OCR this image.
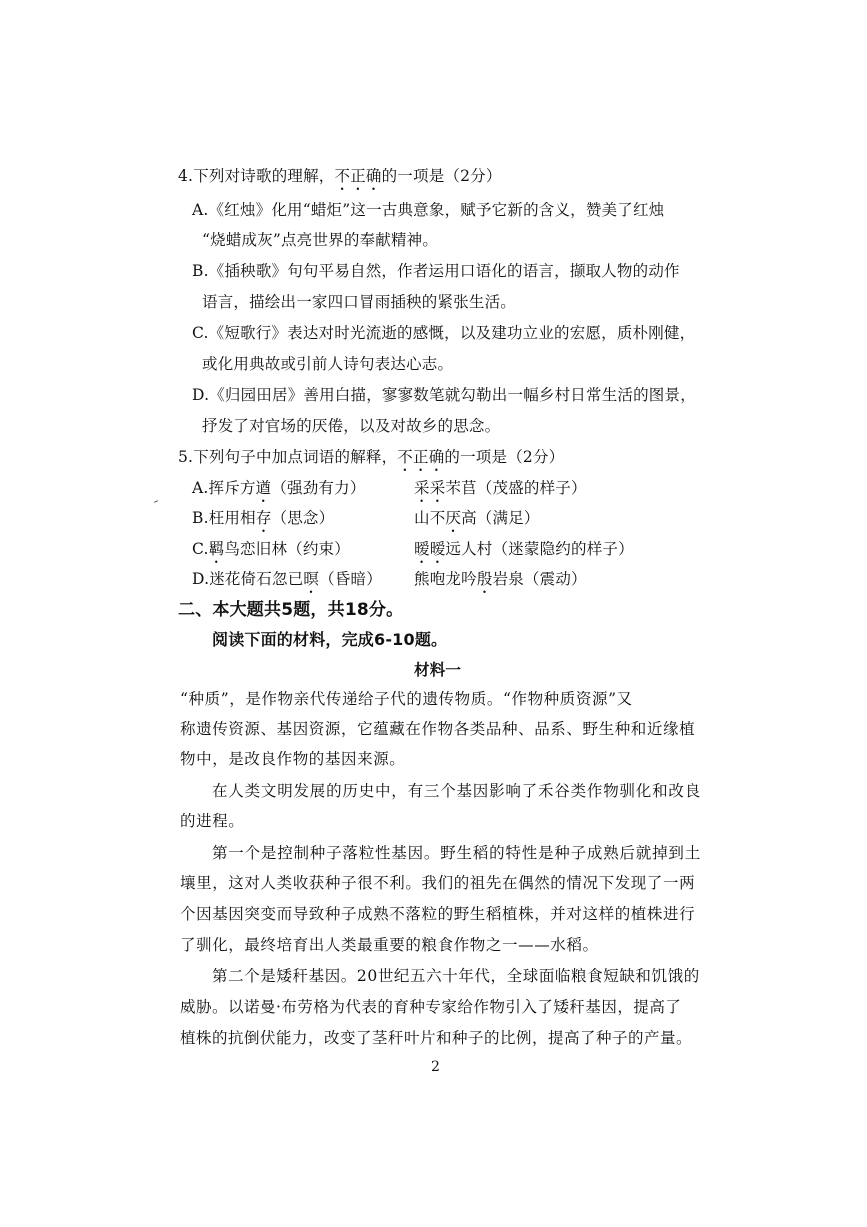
4.下列对诗歌的理解，不正确的一项是（2分）
A.《红烛》化用“蜡炬”这一古典意象，赋予它新的含义，赞美了红烛
“烧蜡成灰”点亮世界的奉献精神。
B.《插秧歌》句句平易自然，作者运用口语化的语言，撷取人物的动作
语言，描绘出一家四口冒雨插秧的紧张生活。
C.《短歌行》表达对时光流逝的感慨，以及建功立业的宏愿，质朴刚健，
或化用典故或引前人诗句表达心志。
D.《归园田居》善用白描，寥寥数笔就勾勒出一幅乡村日常生活的图景，
抒发了对官场的厌倦，以及对故乡的思念。
5.下列句子中加点词语的解释，不正确的一项是（2分）
A.挥斥方遒（强劲有力）	采采芣苢（茂盛的样子）
B.枉用相存（思念）	山不厌高（满足）
C.羁鸟恋旧林（约束）	暧暧远人村（迷蒙隐约的样子）
D.迷花倚石忽已暝（昏暗） 熊咆龙吟殷岩泉（震动）
二、本大题共5题，共18分。
阅读下面的材料，完成6-10题。
材料一
“种质”，是作物亲代传递给子代的遗传物质。“作物种质资源”又
称遗传资源、基因资源，它蕴藏在作物各类品种、品系、野生种和近缘植
物中，是改良作物的基因来源。
在人类文明发展的历史中，有三个基因影响了禾谷类作物驯化和改良
的进程。
第一个是控制种子落粒性基因。野生稻的特性是种子成熟后就掉到土
壤里，这对人类收获种子很不利。我们的祖先在偶然的情况下发现了一两
个因基因突变而导致种子成熟不落粒的野生稻植株，并对这样的植株进行
了驯化，最终培育出人类最重要的粮食作物之一——水稻。
第二个是矮秆基因。20世纪五六十年代，全球面临粮食短缺和饥饿的
威胁。以诺曼·布劳格为代表的育种专家给作物引入了矮秆基因，提高了
植株的抗倒伏能力，改变了茎秆叶片和种子的比例，提高了种子的产量。
2
